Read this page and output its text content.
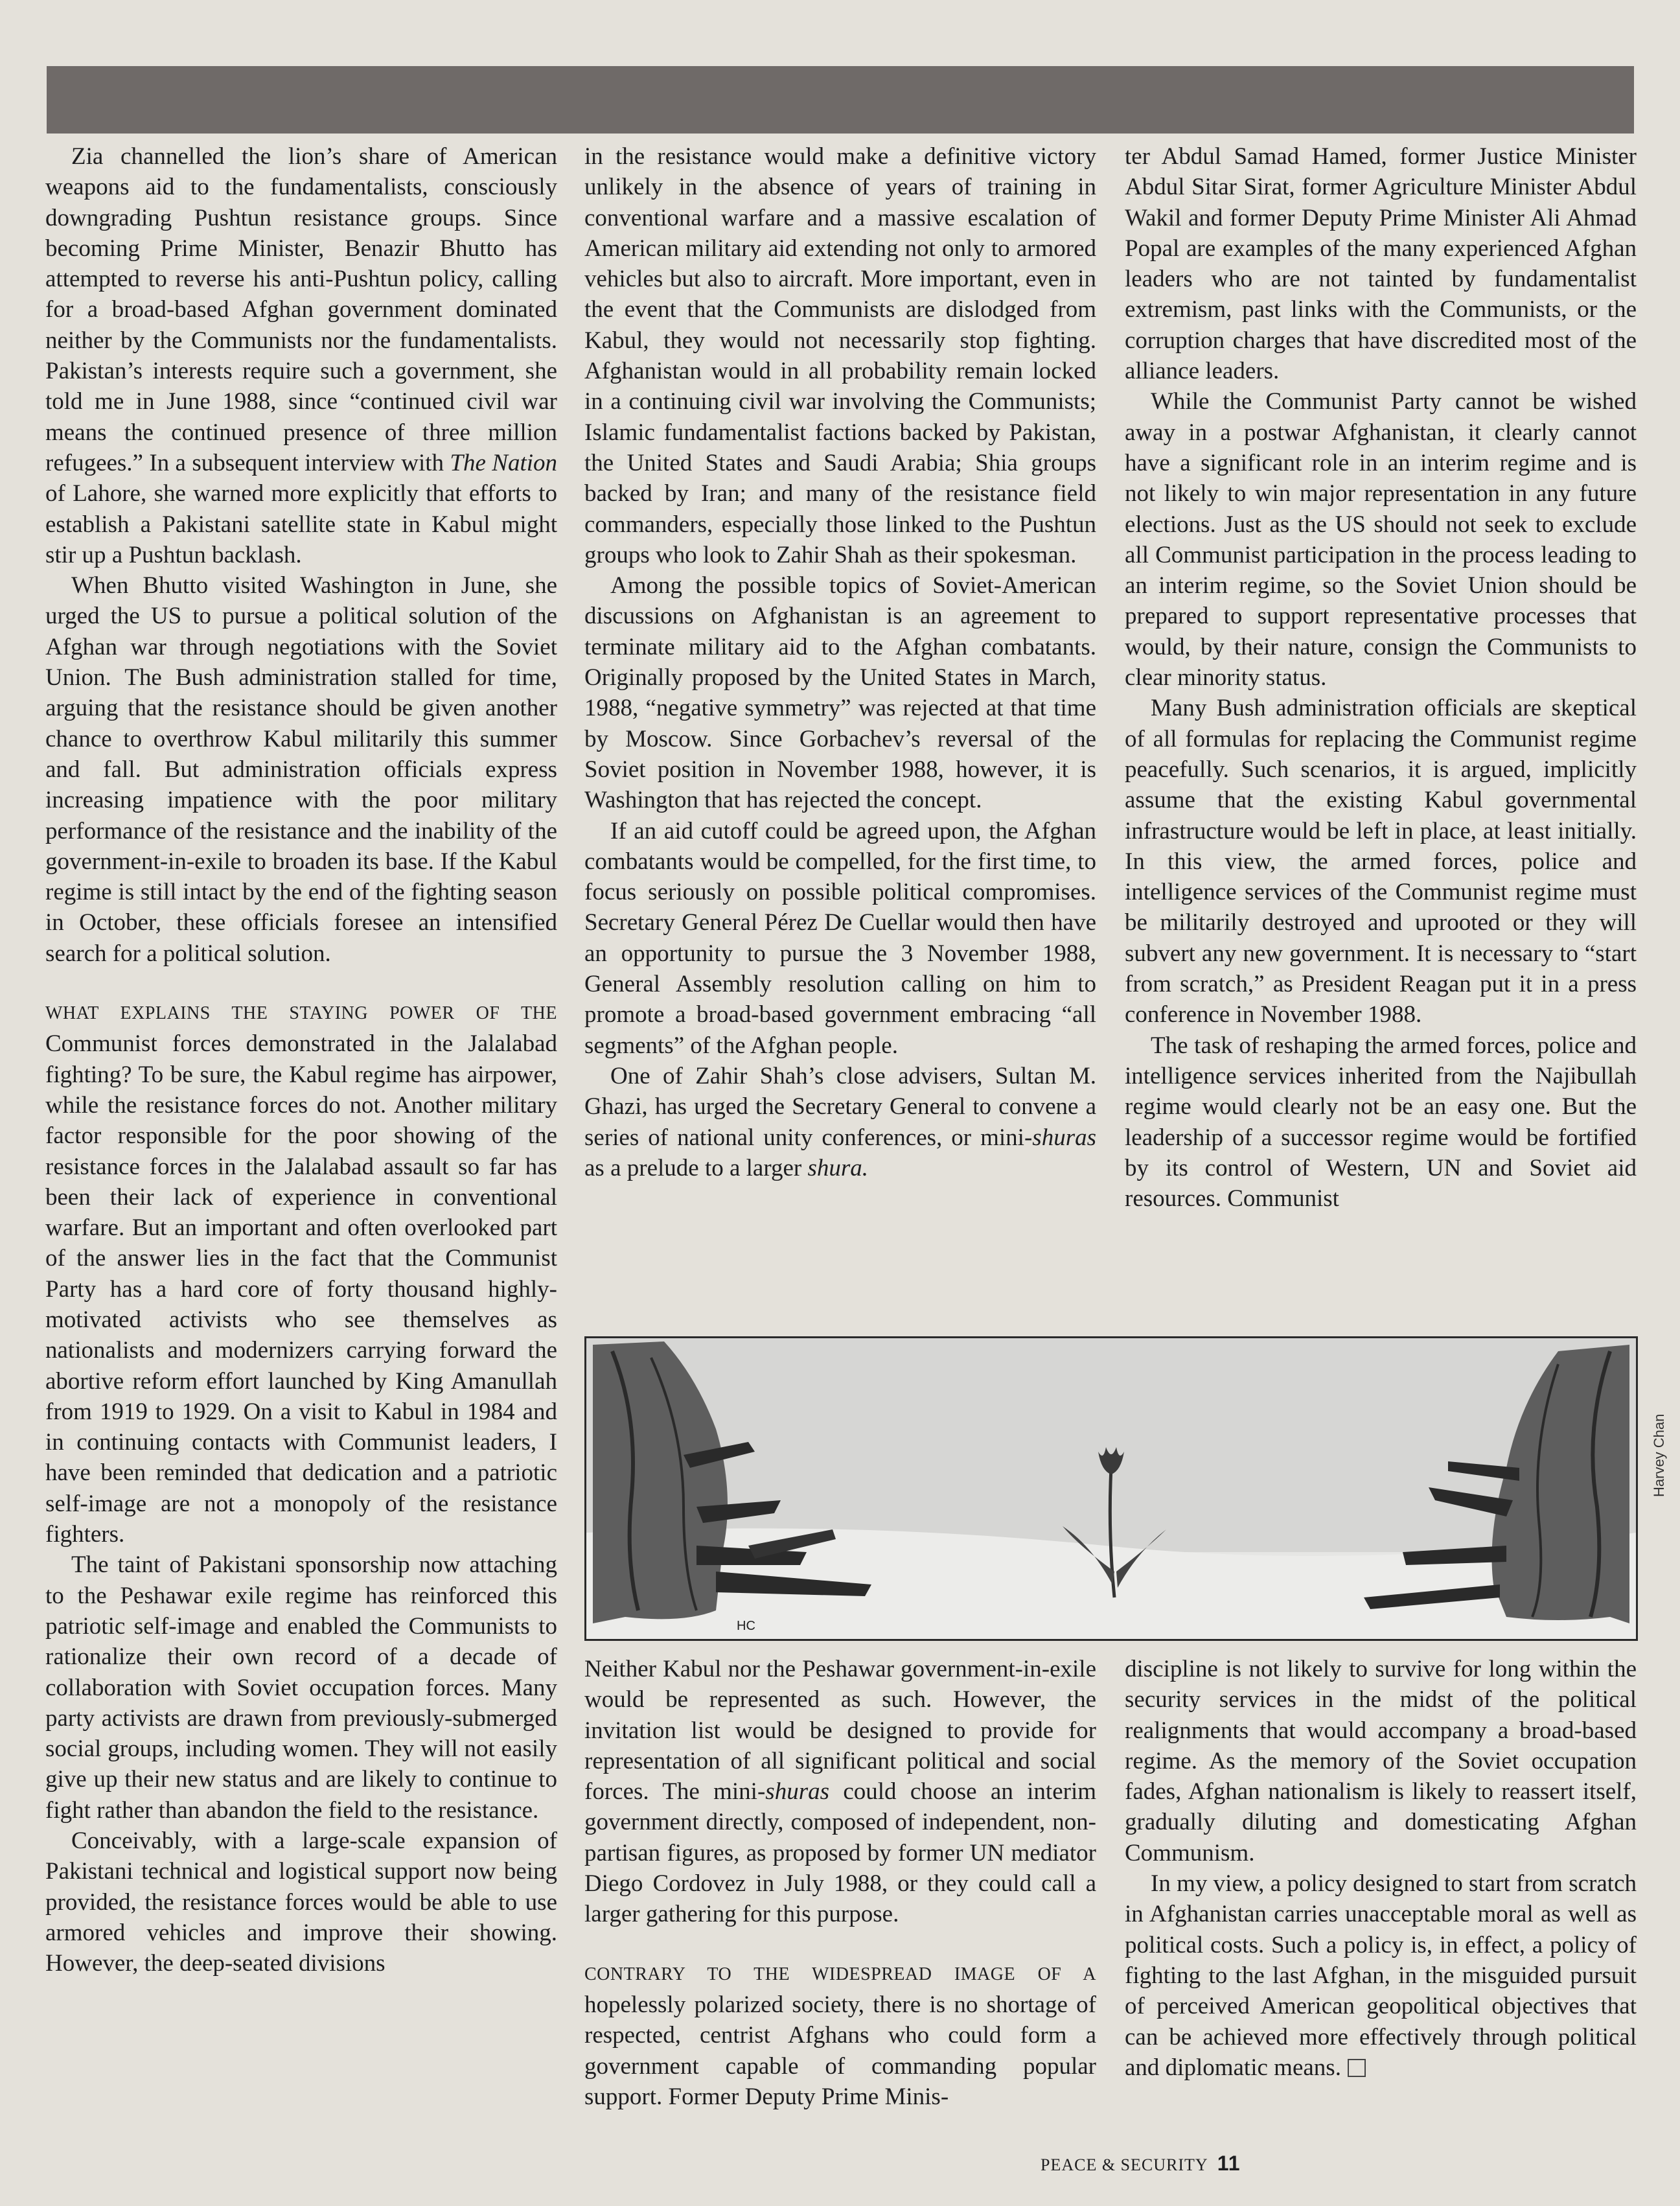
Zia channelled the lion’s share of American weapons aid to the fundamentalists, consciously downgrading Pushtun resistance groups. Since becoming Prime Minister, Benazir Bhutto has attempted to reverse his anti-Pushtun policy, calling for a broad-based Afghan government dominated neither by the Communists nor the fundamentalists. Pakistan’s interests require such a government, she told me in June 1988, since “continued civil war means the continued presence of three million refugees.” In a subsequent interview with The Nation of Lahore, she warned more explicitly that efforts to establish a Pakistani satellite state in Kabul might stir up a Pushtun backlash.

When Bhutto visited Washington in June, she urged the US to pursue a political solution of the Afghan war through negotiations with the Soviet Union. The Bush administration stalled for time, arguing that the resistance should be given another chance to overthrow Kabul militarily this summer and fall. But administration officials express increasing impatience with the poor military performance of the resistance and the inability of the government-in-exile to broaden its base. If the Kabul regime is still intact by the end of the fighting season in October, these officials foresee an intensified search for a political solution.

WHAT EXPLAINS THE STAYING POWER OF THE Communist forces demonstrated in the Jalalabad fighting? To be sure, the Kabul regime has airpower, while the resistance forces do not. Another military factor responsible for the poor showing of the resistance forces in the Jalalabad assault so far has been their lack of experience in conventional warfare. But an important and often overlooked part of the answer lies in the fact that the Communist Party has a hard core of forty thousand highly-motivated activists who see themselves as nationalists and modernizers carrying forward the abortive reform effort launched by King Amanullah from 1919 to 1929. On a visit to Kabul in 1984 and in continuing contacts with Communist leaders, I have been reminded that dedication and a patriotic self-image are not a monopoly of the resistance fighters.

The taint of Pakistani sponsorship now attaching to the Peshawar exile regime has reinforced this patriotic self-image and enabled the Communists to rationalize their own record of a decade of collaboration with Soviet occupation forces. Many party activists are drawn from previously-submerged social groups, including women. They will not easily give up their new status and are likely to continue to fight rather than abandon the field to the resistance.

Conceivably, with a large-scale expansion of Pakistani technical and logistical support now being provided, the resistance forces would be able to use armored vehicles and improve their showing. However, the deep-seated divisions

in the resistance would make a definitive victory unlikely in the absence of years of training in conventional warfare and a massive escalation of American military aid extending not only to armored vehicles but also to aircraft. More important, even in the event that the Communists are dislodged from Kabul, they would not necessarily stop fighting. Afghanistan would in all probability remain locked in a continuing civil war involving the Communists; Islamic fundamentalist factions backed by Pakistan, the United States and Saudi Arabia; Shia groups backed by Iran; and many of the resistance field commanders, especially those linked to the Pushtun groups who look to Zahir Shah as their spokesman.

Among the possible topics of Soviet-American discussions on Afghanistan is an agreement to terminate military aid to the Afghan combatants. Originally proposed by the United States in March, 1988, “negative symmetry” was rejected at that time by Moscow. Since Gorbachev’s reversal of the Soviet position in November 1988, however, it is Washington that has rejected the concept.

If an aid cutoff could be agreed upon, the Afghan combatants would be compelled, for the first time, to focus seriously on possible political compromises. Secretary General Pérez De Cuellar would then have an opportunity to pursue the 3 November 1988, General Assembly resolution calling on him to promote a broad-based government embracing “all segments” of the Afghan people.

One of Zahir Shah’s close advisers, Sultan M. Ghazi, has urged the Secretary General to convene a series of national unity conferences, or mini-shuras as a prelude to a larger shura.

ter Abdul Samad Hamed, former Justice Minister Abdul Sitar Sirat, former Agriculture Minister Abdul Wakil and former Deputy Prime Minister Ali Ahmad Popal are examples of the many experienced Afghan leaders who are not tainted by fundamentalist extremism, past links with the Communists, or the corruption charges that have discredited most of the alliance leaders.

While the Communist Party cannot be wished away in a postwar Afghanistan, it clearly cannot have a significant role in an interim regime and is not likely to win major representation in any future elections. Just as the US should not seek to exclude all Communist participation in the process leading to an interim regime, so the Soviet Union should be prepared to support representative processes that would, by their nature, consign the Communists to clear minority status.

Many Bush administration officials are skeptical of all formulas for replacing the Communist regime peacefully. Such scenarios, it is argued, implicitly assume that the existing Kabul governmental infrastructure would be left in place, at least initially. In this view, the armed forces, police and intelligence services of the Communist regime must be militarily destroyed and uprooted or they will subvert any new government. It is necessary to “start from scratch,” as President Reagan put it in a press conference in November 1988.

The task of reshaping the armed forces, police and intelligence services inherited from the Najibullah regime would clearly not be an easy one. But the leadership of a successor regime would be fortified by its control of Western, UN and Soviet aid resources. Communist

HC
Harvey Chan

Neither Kabul nor the Peshawar government-in-exile would be represented as such. However, the invitation list would be designed to provide for representation of all significant political and social forces. The mini-shuras could choose an interim government directly, composed of independent, non-partisan figures, as proposed by former UN mediator Diego Cordovez in July 1988, or they could call a larger gathering for this purpose.

CONTRARY TO THE WIDESPREAD IMAGE OF A hopelessly polarized society, there is no shortage of respected, centrist Afghans who could form a government capable of commanding popular support. Former Deputy Prime Minis-

discipline is not likely to survive for long within the security services in the midst of the political realignments that would accompany a broad-based regime. As the memory of the Soviet occupation fades, Afghan nationalism is likely to reassert itself, gradually diluting and domesticating Afghan Communism.

In my view, a policy designed to start from scratch in Afghanistan carries unacceptable moral as well as political costs. Such a policy is, in effect, a policy of fighting to the last Afghan, in the misguided pursuit of perceived American geopolitical objectives that can be achieved more effectively through political and diplomatic means.

PEACE & SECURITY 11
